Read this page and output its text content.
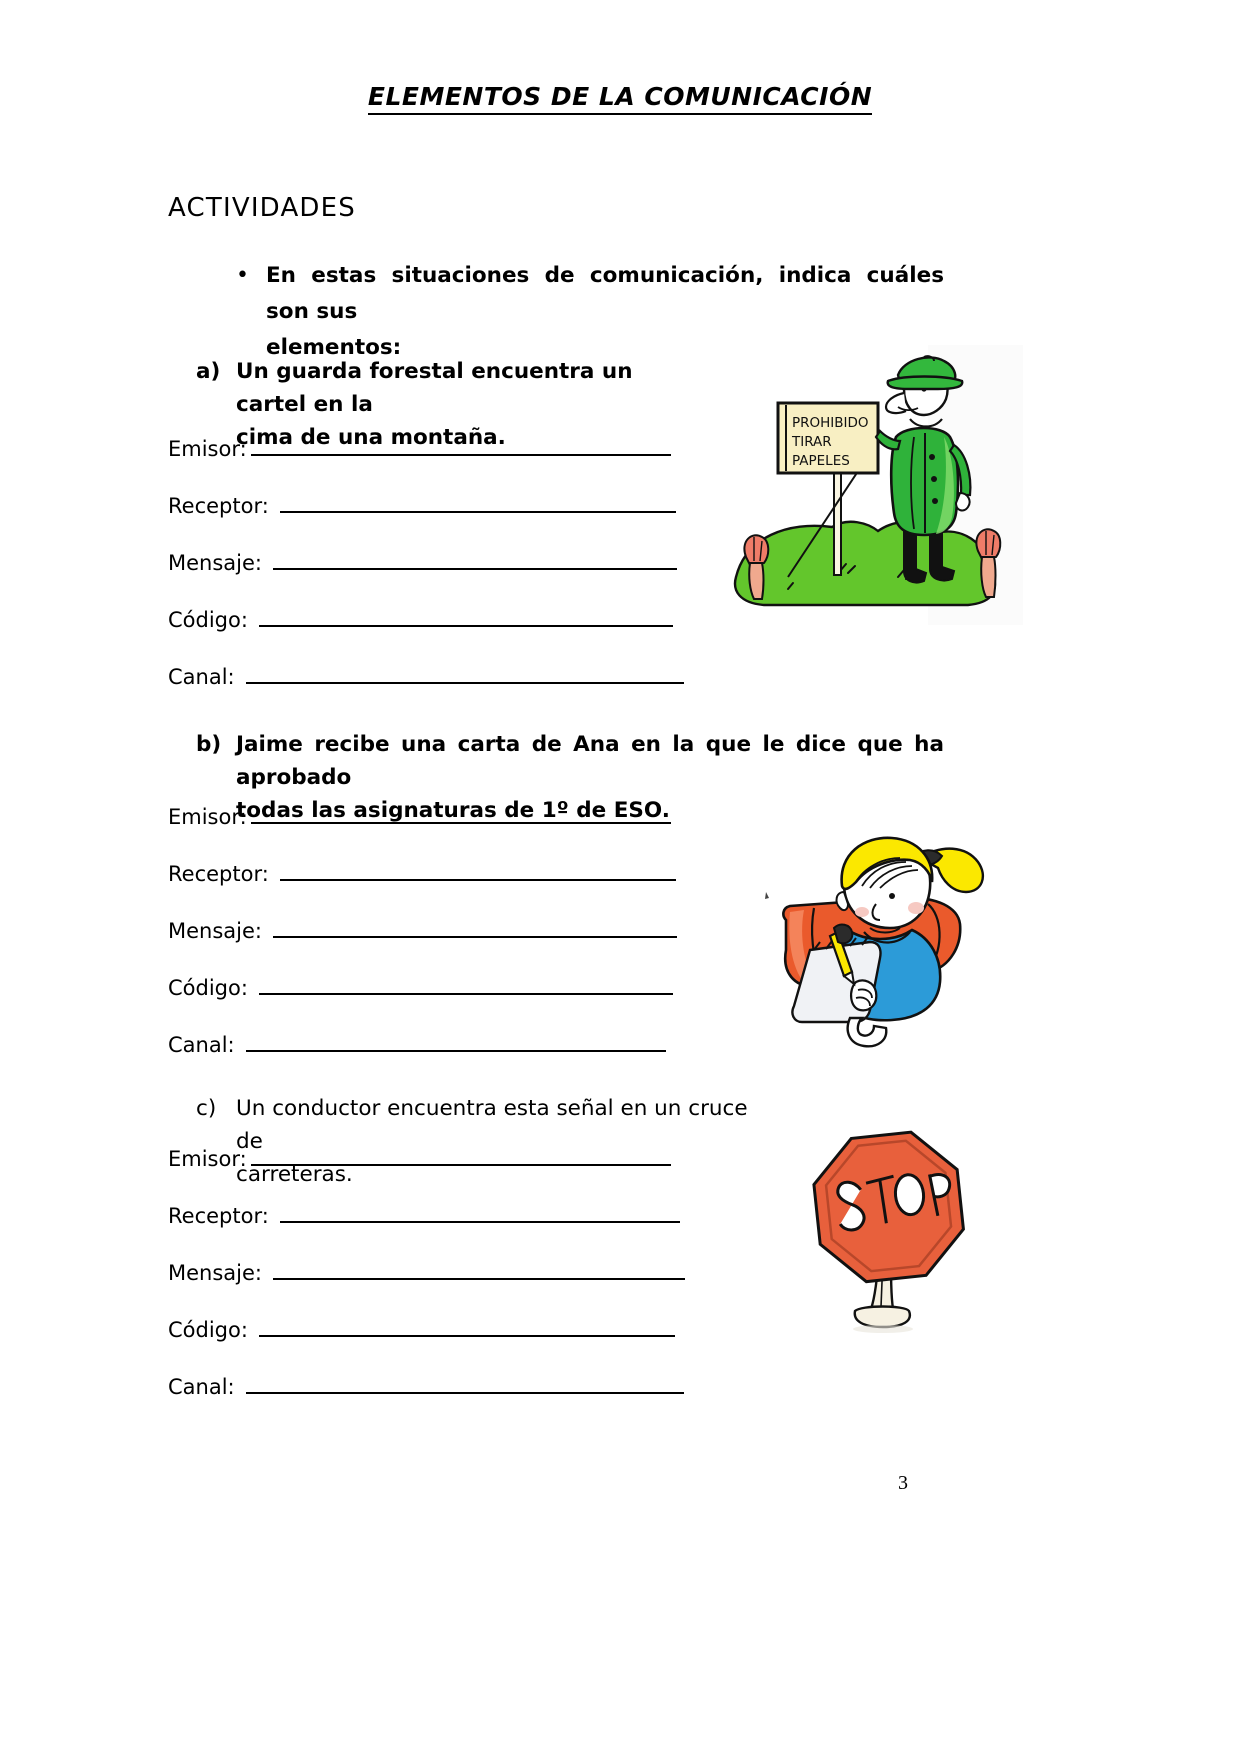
ELEMENTOS DE LA COMUNICACIÓN
ACTIVIDADES
• En estas situaciones de comunicación, indica cuáles son sus
elementos:
a) Un guarda forestal encuentra un cartel en la
cima de una montaña.
Emisor:
Receptor:
Mensaje:
Código:
Canal:
b) Jaime recibe una carta de Ana en la que le dice que ha aprobado
todas las asignaturas de 1º de ESO.
Emisor:
Receptor:
Mensaje:
Código:
Canal:
c) Un conductor encuentra esta señal en un cruce de
carreteras.
Emisor:
Receptor:
Mensaje:
Código:
Canal:
PROHIBIDO
TIRAR
PAPELES
3
